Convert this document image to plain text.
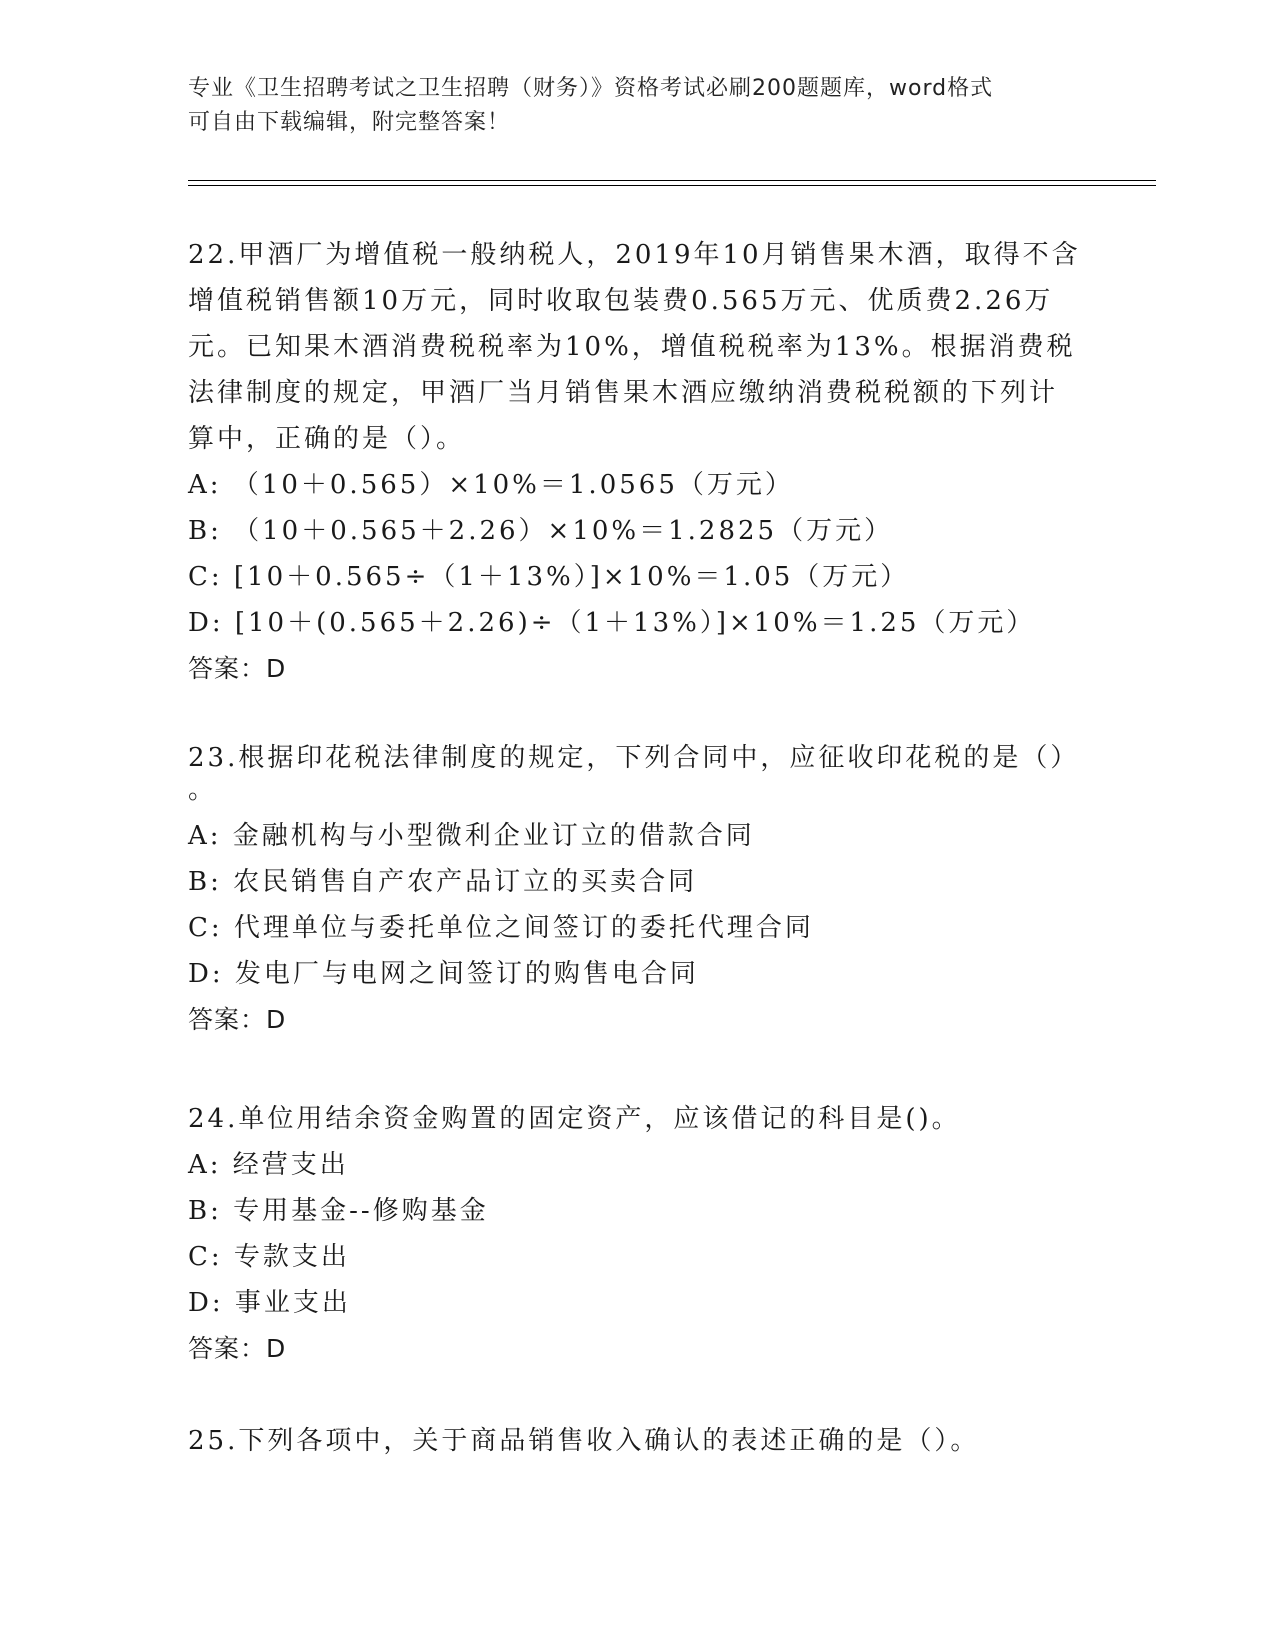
专业《卫生招聘考试之卫生招聘（财务）》资格考试必刷200题题库，word格式
可自由下载编辑，附完整答案！

22.甲酒厂为增值税一般纳税人，2019年10月销售果木酒，取得不含

增值税销售额10万元，同时收取包装费0.565万元、优质费2.26万

元。已知果木酒消费税税率为10%，增值税税率为13%。根据消费税

法律制度的规定，甲酒厂当月销售果木酒应缴纳消费税税额的下列计

算中，正确的是（）。

A: （10＋0.565）×10%＝1.0565（万元）

B: （10＋0.565＋2.26）×10%＝1.2825（万元）

C: [10＋0.565÷（1＋13%）]×10%＝1.05（万元）

D: [10＋(0.565＋2.26)÷（1＋13%）]×10%＝1.25（万元）

答案：D

23.根据印花税法律制度的规定，下列合同中，应征收印花税的是（）

。

A: 金融机构与小型微利企业订立的借款合同

B: 农民销售自产农产品订立的买卖合同

C: 代理单位与委托单位之间签订的委托代理合同

D: 发电厂与电网之间签订的购售电合同

答案：D

24.单位用结余资金购置的固定资产，应该借记的科目是()。

A: 经营支出

B: 专用基金--修购基金

C: 专款支出

D: 事业支出

答案：D

25.下列各项中，关于商品销售收入确认的表述正确的是（）。
